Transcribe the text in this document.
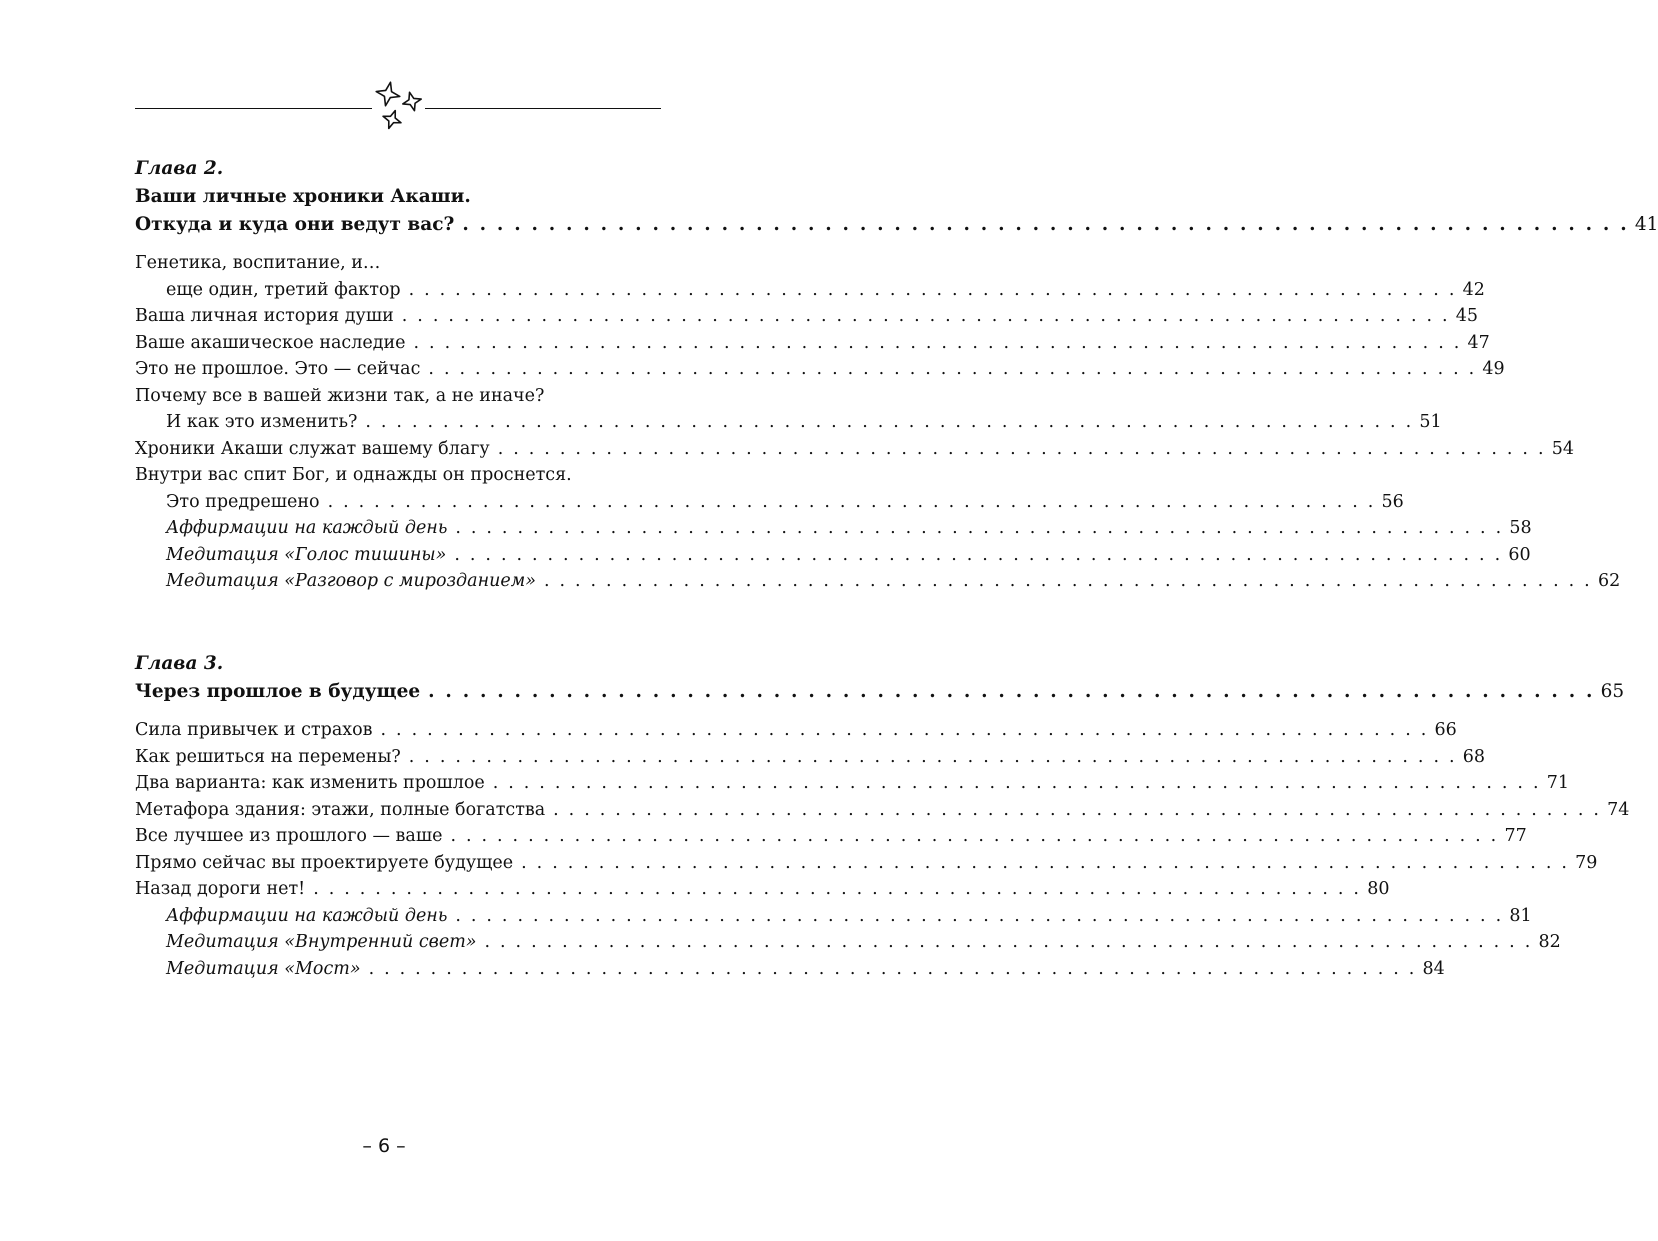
Глава 2.
Ваши личные хроники Акаши.
Откуда и куда они ведут вас? . . . . . . . . . . . . . . . . . . . . . . . . . . . . . . . . . . . . . . . . . . . . . . . . . . . . . . . . . . . . . . . . . . . . 41
Генетика, воспитание, и…
еще один, третий фактор . . . . . . . . . . . . . . . . . . . . . . . . . . . . . . . . . . . . . . . . . . . . . . . . . . . . . . . . . . . . . . . . . . . . 42
Ваша личная история души . . . . . . . . . . . . . . . . . . . . . . . . . . . . . . . . . . . . . . . . . . . . . . . . . . . . . . . . . . . . . . . . . . . . 45
Ваше акашическое наследие . . . . . . . . . . . . . . . . . . . . . . . . . . . . . . . . . . . . . . . . . . . . . . . . . . . . . . . . . . . . . . . . . . . . 47
Это не прошлое. Это — сейчас . . . . . . . . . . . . . . . . . . . . . . . . . . . . . . . . . . . . . . . . . . . . . . . . . . . . . . . . . . . . . . . . . . . . 49
Почему все в вашей жизни так, а не иначе?
И как это изменить? . . . . . . . . . . . . . . . . . . . . . . . . . . . . . . . . . . . . . . . . . . . . . . . . . . . . . . . . . . . . . . . . . . . . 51
Хроники Акаши служат вашему благу . . . . . . . . . . . . . . . . . . . . . . . . . . . . . . . . . . . . . . . . . . . . . . . . . . . . . . . . . . . . . . . . . . . . 54
Внутри вас спит Бог, и однажды он проснется.
Это предрешено . . . . . . . . . . . . . . . . . . . . . . . . . . . . . . . . . . . . . . . . . . . . . . . . . . . . . . . . . . . . . . . . . . . . 56
Аффирмации на каждый день . . . . . . . . . . . . . . . . . . . . . . . . . . . . . . . . . . . . . . . . . . . . . . . . . . . . . . . . . . . . . . . . . . . . 58
Медитация «Голос тишины» . . . . . . . . . . . . . . . . . . . . . . . . . . . . . . . . . . . . . . . . . . . . . . . . . . . . . . . . . . . . . . . . . . . . 60
Медитация «Разговор с мирозданием» . . . . . . . . . . . . . . . . . . . . . . . . . . . . . . . . . . . . . . . . . . . . . . . . . . . . . . . . . . . . . . . . . . . . 62
Глава 3.
Через прошлое в будущее . . . . . . . . . . . . . . . . . . . . . . . . . . . . . . . . . . . . . . . . . . . . . . . . . . . . . . . . . . . . . . . . . . . . 65
Сила привычек и страхов . . . . . . . . . . . . . . . . . . . . . . . . . . . . . . . . . . . . . . . . . . . . . . . . . . . . . . . . . . . . . . . . . . . . 66
Как решиться на перемены? . . . . . . . . . . . . . . . . . . . . . . . . . . . . . . . . . . . . . . . . . . . . . . . . . . . . . . . . . . . . . . . . . . . . 68
Два варианта: как изменить прошлое . . . . . . . . . . . . . . . . . . . . . . . . . . . . . . . . . . . . . . . . . . . . . . . . . . . . . . . . . . . . . . . . . . . . 71
Метафора здания: этажи, полные богатства . . . . . . . . . . . . . . . . . . . . . . . . . . . . . . . . . . . . . . . . . . . . . . . . . . . . . . . . . . . . . . . . . . . . 74
Все лучшее из прошлого — ваше . . . . . . . . . . . . . . . . . . . . . . . . . . . . . . . . . . . . . . . . . . . . . . . . . . . . . . . . . . . . . . . . . . . . 77
Прямо сейчас вы проектируете будущее . . . . . . . . . . . . . . . . . . . . . . . . . . . . . . . . . . . . . . . . . . . . . . . . . . . . . . . . . . . . . . . . . . . . 79
Назад дороги нет! . . . . . . . . . . . . . . . . . . . . . . . . . . . . . . . . . . . . . . . . . . . . . . . . . . . . . . . . . . . . . . . . . . . . 80
Аффирмации на каждый день . . . . . . . . . . . . . . . . . . . . . . . . . . . . . . . . . . . . . . . . . . . . . . . . . . . . . . . . . . . . . . . . . . . . 81
Медитация «Внутренний свет» . . . . . . . . . . . . . . . . . . . . . . . . . . . . . . . . . . . . . . . . . . . . . . . . . . . . . . . . . . . . . . . . . . . . 82
Медитация «Мост» . . . . . . . . . . . . . . . . . . . . . . . . . . . . . . . . . . . . . . . . . . . . . . . . . . . . . . . . . . . . . . . . . . . . 84
– 6 –
